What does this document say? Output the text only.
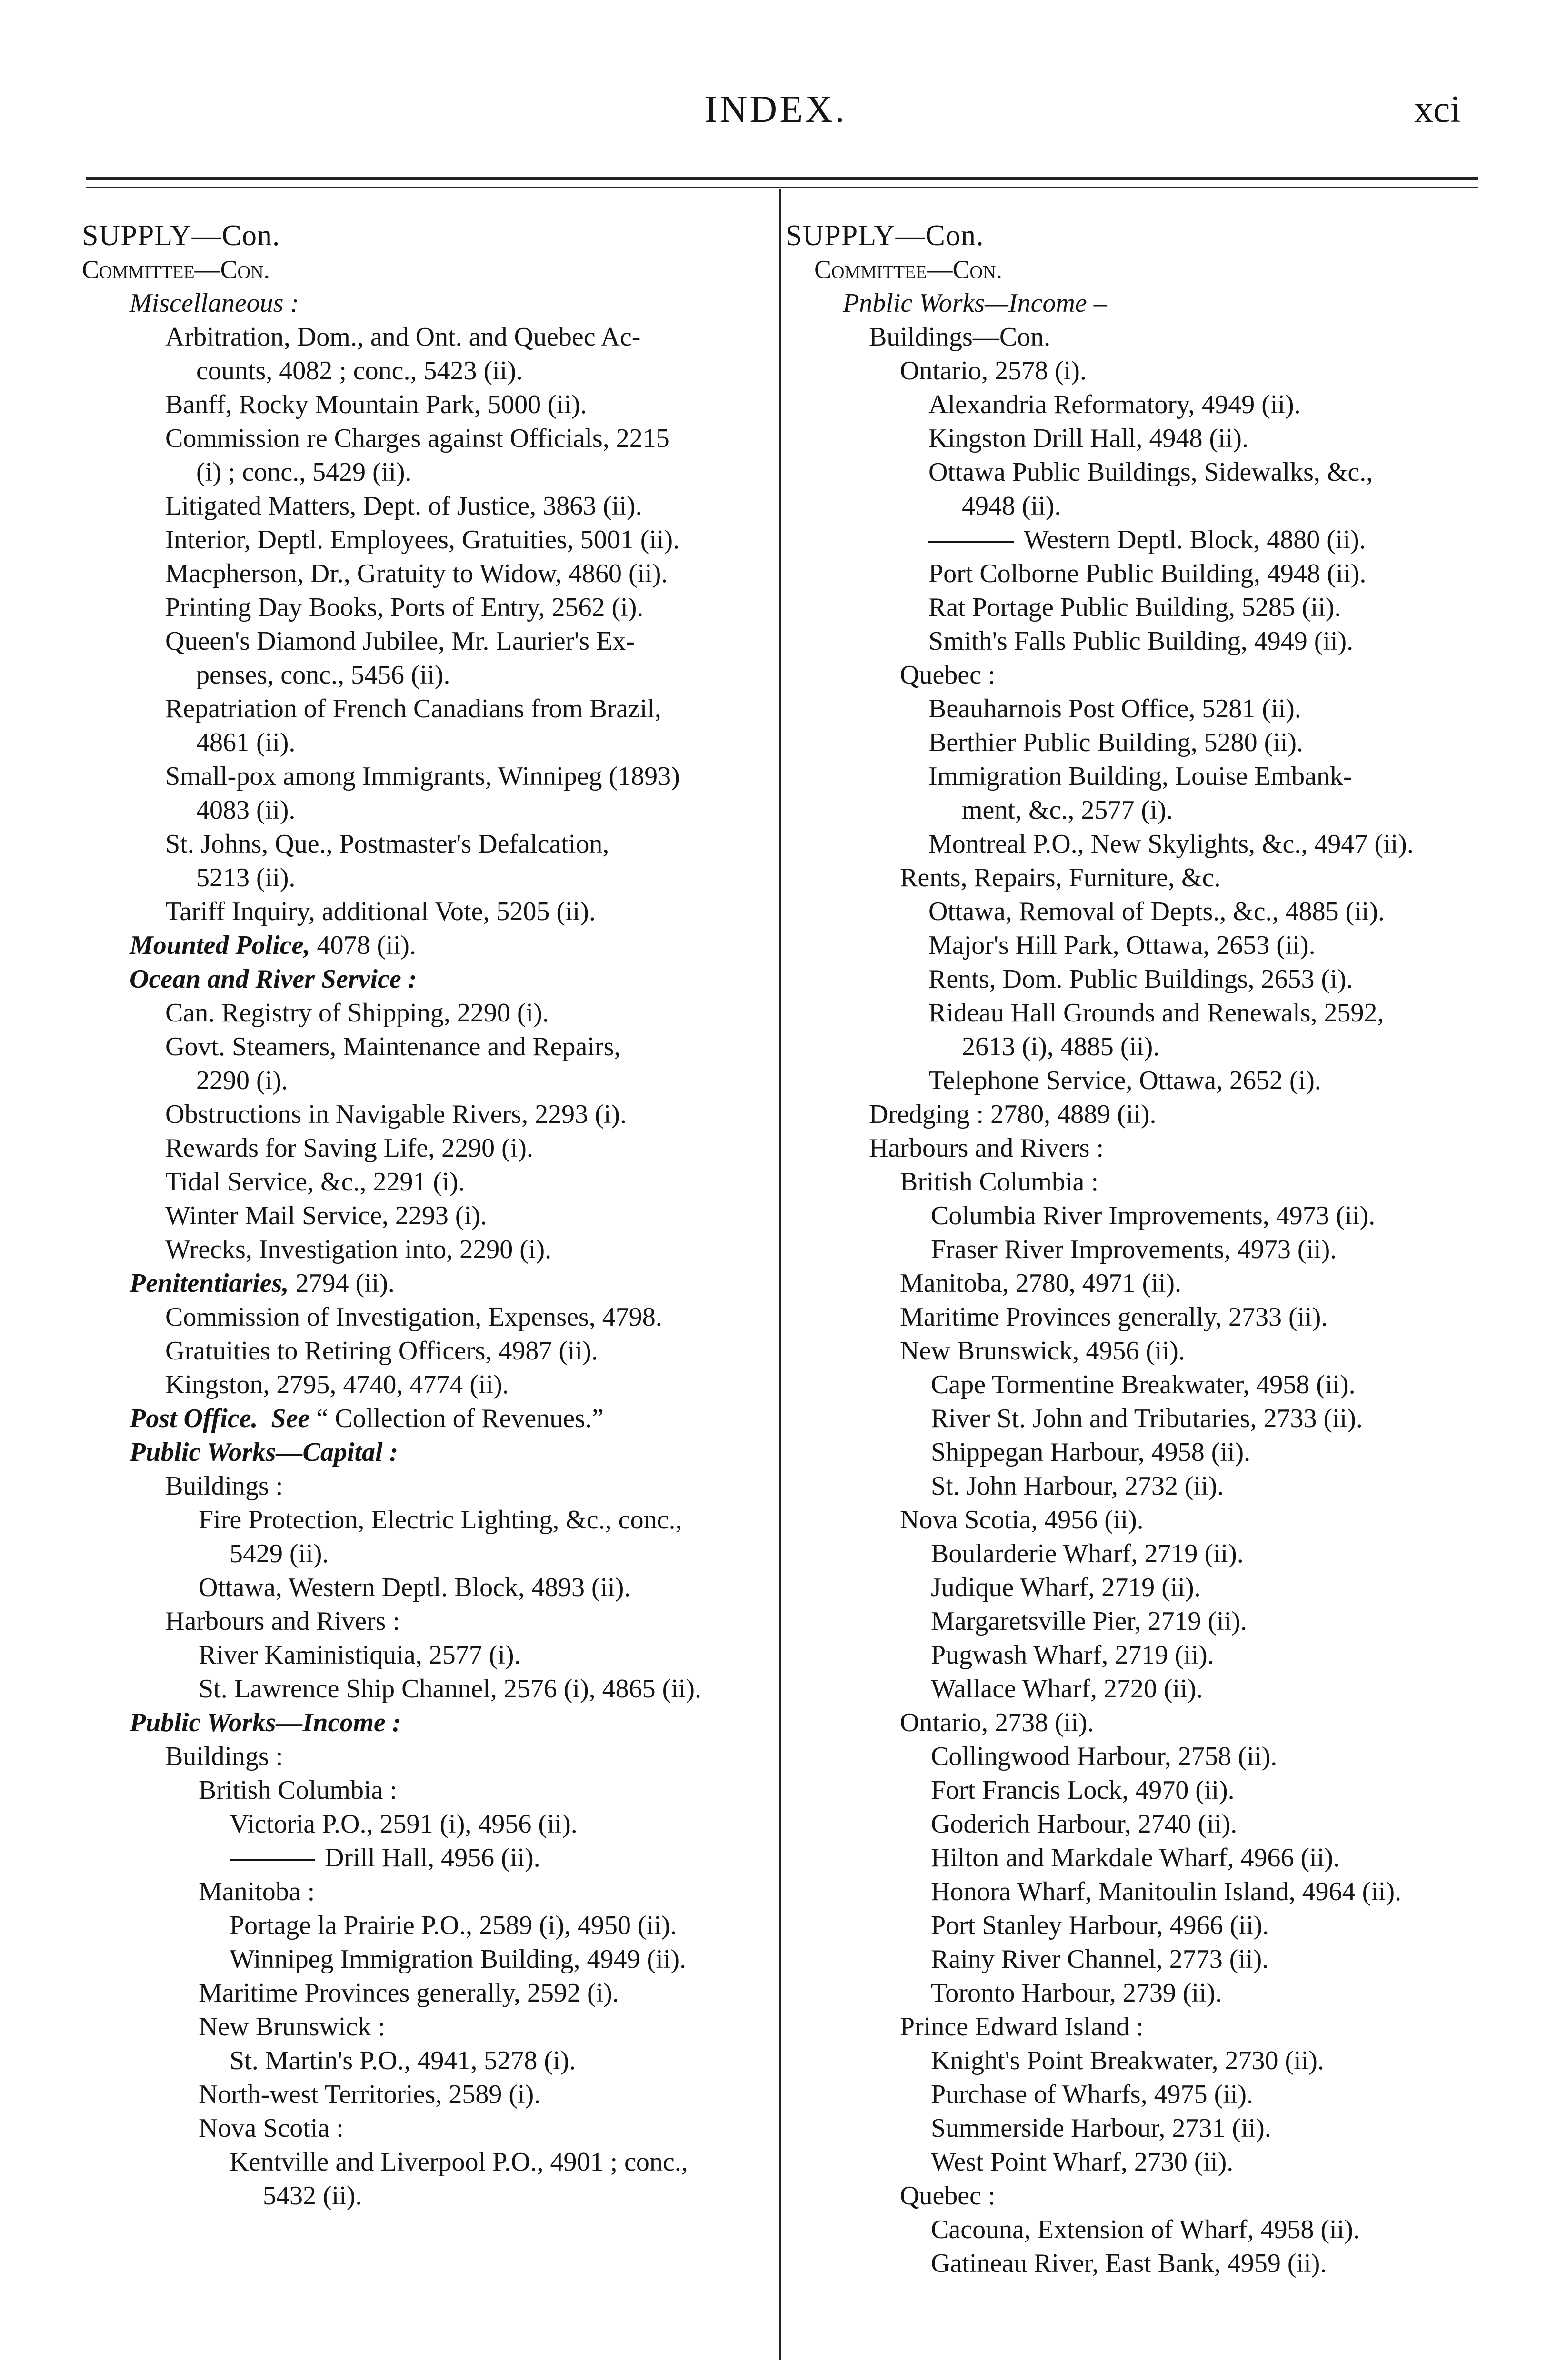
INDEX.	xci
SUPPLY—Con.
Committee—Con.
Miscellaneous :
Arbitration, Dom., and Ont. and Quebec Ac-
counts, 4082 ; conc., 5423 (ii).
Banff, Rocky Mountain Park, 5000 (ii).
Commission re Charges against Officials, 2215
(i) ; conc., 5429 (ii).
Litigated Matters, Dept. of Justice, 3863 (ii).
Interior, Deptl. Employees, Gratuities, 5001 (ii).
Macpherson, Dr., Gratuity to Widow, 4860 (ii).
Printing Day Books, Ports of Entry, 2562 (i).
Queen's Diamond Jubilee, Mr. Laurier's Ex-
penses, conc., 5456 (ii).
Repatriation of French Canadians from Brazil,
4861 (ii).
Small-pox among Immigrants, Winnipeg (1893)
4083 (ii).
St. Johns, Que., Postmaster's Defalcation,
5213 (ii).
Tariff Inquiry, additional Vote, 5205 (ii).
Mounted Police, 4078 (ii).
Ocean and River Service :
Can. Registry of Shipping, 2290 (i).
Govt. Steamers, Maintenance and Repairs,
2290 (i).
Obstructions in Navigable Rivers, 2293 (i).
Rewards for Saving Life, 2290 (i).
Tidal Service, &c., 2291 (i).
Winter Mail Service, 2293 (i).
Wrecks, Investigation into, 2290 (i).
Penitentiaries, 2794 (ii).
Commission of Investigation, Expenses, 4798.
Gratuities to Retiring Officers, 4987 (ii).
Kingston, 2795, 4740, 4774 (ii).
Post Office.  See “ Collection of Revenues.”
Public Works—Capital :
Buildings :
Fire Protection, Electric Lighting, &c., conc.,
5429 (ii).
Ottawa, Western Deptl. Block, 4893 (ii).
Harbours and Rivers :
River Kaministiquia, 2577 (i).
St. Lawrence Ship Channel, 2576 (i), 4865 (ii).
Public Works—Income :
Buildings :
British Columbia :
Victoria P.O., 2591 (i), 4956 (ii).
Drill Hall, 4956 (ii).
Manitoba :
Portage la Prairie P.O., 2589 (i), 4950 (ii).
Winnipeg Immigration Building, 4949 (ii).
Maritime Provinces generally, 2592 (i).
New Brunswick :
St. Martin's P.O., 4941, 5278 (i).
North-west Territories, 2589 (i).
Nova Scotia :
Kentville and Liverpool P.O., 4901 ; conc.,
5432 (ii).
SUPPLY—Con.
Committee—Con.
Pnblic Works—Income –
Buildings—Con.
Ontario, 2578 (i).
Alexandria Reformatory, 4949 (ii).
Kingston Drill Hall, 4948 (ii).
Ottawa Public Buildings, Sidewalks, &c.,
4948 (ii).
Western Deptl. Block, 4880 (ii).
Port Colborne Public Building, 4948 (ii).
Rat Portage Public Building, 5285 (ii).
Smith's Falls Public Building, 4949 (ii).
Quebec :
Beauharnois Post Office, 5281 (ii).
Berthier Public Building, 5280 (ii).
Immigration Building, Louise Embank-
ment, &c., 2577 (i).
Montreal P.O., New Skylights, &c., 4947 (ii).
Rents, Repairs, Furniture, &c.
Ottawa, Removal of Depts., &c., 4885 (ii).
Major's Hill Park, Ottawa, 2653 (ii).
Rents, Dom. Public Buildings, 2653 (i).
Rideau Hall Grounds and Renewals, 2592,
2613 (i), 4885 (ii).
Telephone Service, Ottawa, 2652 (i).
Dredging : 2780, 4889 (ii).
Harbours and Rivers :
British Columbia :
Columbia River Improvements, 4973 (ii).
Fraser River Improvements, 4973 (ii).
Manitoba, 2780, 4971 (ii).
Maritime Provinces generally, 2733 (ii).
New Brunswick, 4956 (ii).
Cape Tormentine Breakwater, 4958 (ii).
River St. John and Tributaries, 2733 (ii).
Shippegan Harbour, 4958 (ii).
St. John Harbour, 2732 (ii).
Nova Scotia, 4956 (ii).
Boularderie Wharf, 2719 (ii).
Judique Wharf, 2719 (ii).
Margaretsville Pier, 2719 (ii).
Pugwash Wharf, 2719 (ii).
Wallace Wharf, 2720 (ii).
Ontario, 2738 (ii).
Collingwood Harbour, 2758 (ii).
Fort Francis Lock, 4970 (ii).
Goderich Harbour, 2740 (ii).
Hilton and Markdale Wharf, 4966 (ii).
Honora Wharf, Manitoulin Island, 4964 (ii).
Port Stanley Harbour, 4966 (ii).
Rainy River Channel, 2773 (ii).
Toronto Harbour, 2739 (ii).
Prince Edward Island :
Knight's Point Breakwater, 2730 (ii).
Purchase of Wharfs, 4975 (ii).
Summerside Harbour, 2731 (ii).
West Point Wharf, 2730 (ii).
Quebec :
Cacouna, Extension of Wharf, 4958 (ii).
Gatineau River, East Bank, 4959 (ii).
